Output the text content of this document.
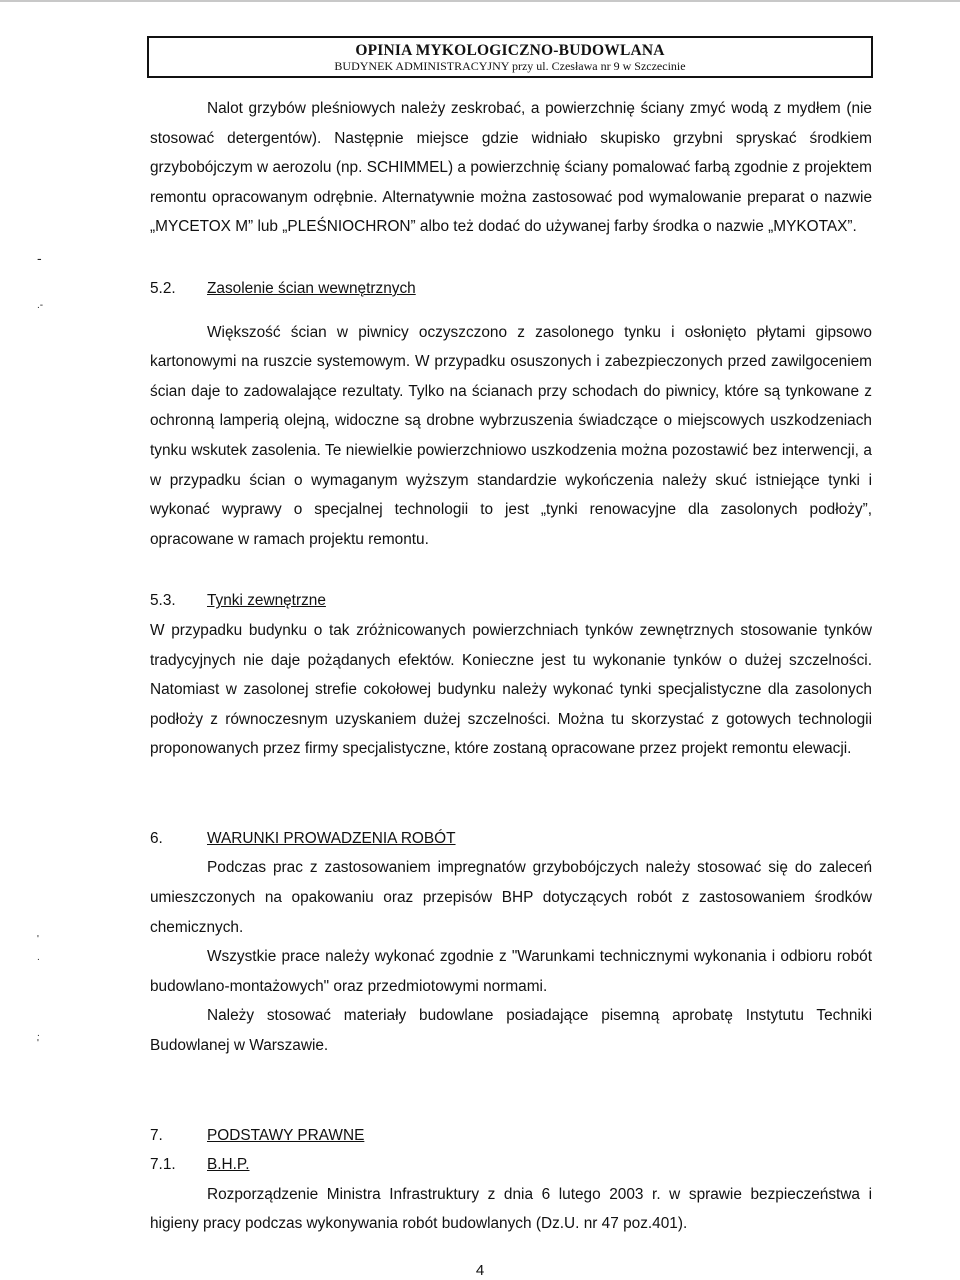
OPINIA MYKOLOGICZNO-BUDOWLANA
BUDYNEK ADMINISTRACYJNY przy ul. Czesława nr 9 w Szczecinie
-
.-
'
.
.
'

Nalot grzybów pleśniowych należy zeskrobać, a powierzchnię ściany zmyć wodą z mydłem (nie stosować detergentów). Następnie miejsce gdzie widniało skupisko grzybni spryskać środkiem grzybobójczym w aerozolu (np. SCHIMMEL) a powierzchnię ściany pomalować farbą zgodnie z projektem remontu opracowanym odrębnie. Alternatywnie można zastosować pod wymalowanie preparat o nazwie „MYCETOX M” lub „PLEŚNIOCHRON” albo też dodać do używanej farby środka o nazwie „MYKOTAX”.

5.2.	Zasolenie ścian wewnętrznych

Większość ścian w piwnicy oczyszczono z zasolonego tynku i osłonięto płytami gipsowo kartonowymi na ruszcie systemowym. W przypadku osuszonych i zabezpieczonych przed zawilgoceniem ścian daje to zadowalające rezultaty. Tylko na ścianach przy schodach do piwnicy, które są tynkowane z ochronną lamperią olejną, widoczne są drobne wybrzuszenia świadczące o miejscowych uszkodzeniach tynku wskutek zasolenia. Te niewielkie powierzchniowo uszkodzenia można pozostawić bez interwencji, a w przypadku ścian o wymaganym wyższym standardzie wykończenia należy skuć istniejące tynki i wykonać wyprawy o specjalnej technologii to jest „tynki renowacyjne dla zasolonych podłoży”, opracowane w ramach projektu remontu.

5.3.	Tynki zewnętrzne

W przypadku budynku o tak zróżnicowanych powierzchniach tynków zewnętrznych stosowanie tynków tradycyjnych nie daje pożądanych efektów. Konieczne jest tu wykonanie tynków o dużej szczelności. Natomiast w zasolonej strefie cokołowej budynku należy wykonać tynki specjalistyczne dla zasolonych podłoży z równoczesnym uzyskaniem dużej szczelności. Można tu skorzystać z gotowych technologii proponowanych przez firmy specjalistyczne, które zostaną opracowane przez projekt remontu elewacji.

6.	WARUNKI PROWADZENIA ROBÓT

Podczas prac z zastosowaniem impregnatów grzybobójczych należy stosować się do zaleceń umieszczonych na opakowaniu oraz przepisów BHP dotyczących robót z zastosowaniem środków chemicznych.

Wszystkie prace należy wykonać zgodnie z "Warunkami technicznymi wykonania i odbioru robót budowlano-montażowych" oraz przedmiotowymi normami.

Należy stosować materiały budowlane posiadające pisemną aprobatę Instytutu Techniki Budowlanej w Warszawie.

7.	PODSTAWY PRAWNE
7.1.	B.H.P.

Rozporządzenie Ministra Infrastruktury z dnia 6 lutego 2003 r. w sprawie bezpieczeństwa i higieny pracy podczas wykonywania robót budowlanych (Dz.U. nr 47 poz.401).

4
